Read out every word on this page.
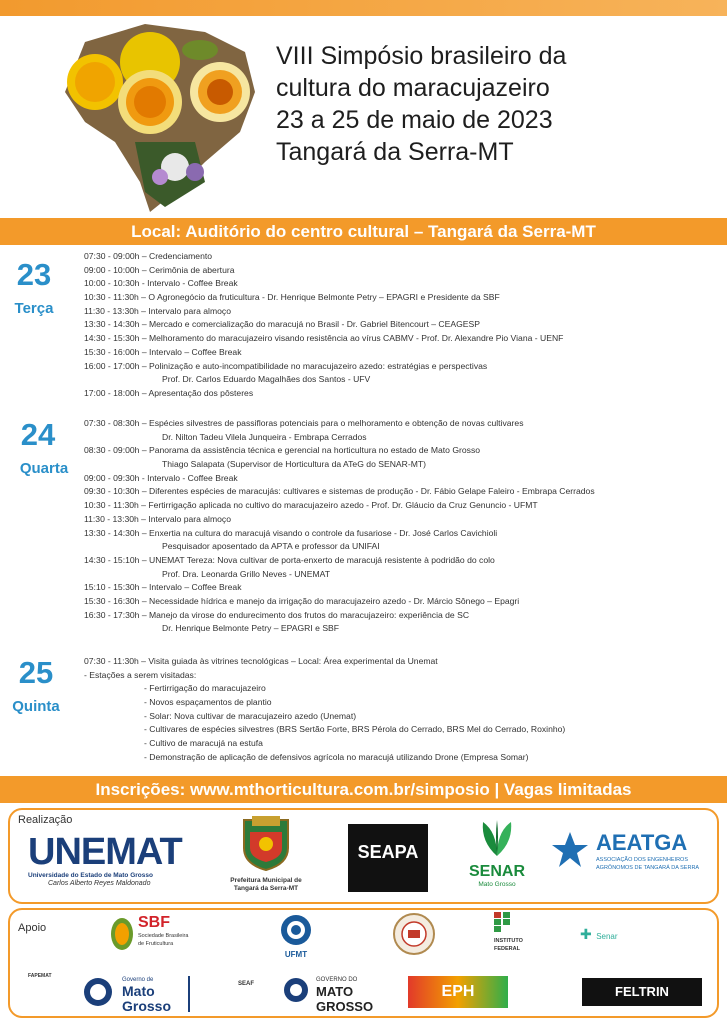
VIII Simpósio brasileiro da
cultura do maracujazeiro
23 a 25 de maio de 2023
Tangará da Serra-MT
Local: Auditório do centro cultural – Tangará da Serra-MT
23
Terça
07:30 - 09:00h – Credenciamento
09:00 - 10:00h – Cerimônia de abertura
10:00 - 10:30h - Intervalo - Coffee Break
10:30 - 11:30h – O Agronegócio da fruticultura - Dr. Henrique Belmonte Petry – EPAGRI e Presidente da SBF
11:30 - 13:30h – Intervalo para almoço
13:30 - 14:30h – Mercado e comercialização do maracujá no Brasil - Dr. Gabriel Bitencourt – CEAGESP
14:30 - 15:30h – Melhoramento do maracujazeiro visando resistência ao vírus CABMV - Prof. Dr. Alexandre Pio Viana - UENF
15:30 - 16:00h – Intervalo – Coffee Break
16:00 - 17:00h – Polinização e auto-incompatibilidade no maracujazeiro azedo: estratégias e perspectivas
Prof. Dr. Carlos Eduardo Magalhães dos Santos - UFV
17:00 - 18:00h – Apresentação dos pôsteres
24
Quarta
07:30 - 08:30h – Espécies silvestres de passifloras potenciais para o melhoramento e obtenção de novas cultivares
Dr. Nilton Tadeu Vilela Junqueira - Embrapa Cerrados
08:30 - 09:00h – Panorama da assistência técnica e gerencial na horticultura no estado de Mato Grosso
Thiago Salapata (Supervisor de Horticultura da ATeG do SENAR-MT)
09:00 - 09:30h - Intervalo - Coffee Break
09:30 - 10:30h – Diferentes espécies de maracujás: cultivares e sistemas de produção - Dr. Fábio Gelape Faleiro - Embrapa Cerrados
10:30 - 11:30h – Fertirrigação aplicada no cultivo do maracujazeiro azedo - Prof. Dr. Gláucio da Cruz Genuncio - UFMT
11:30 - 13:30h – Intervalo para almoço
13:30 - 14:30h – Enxertia na cultura do maracujá visando o controle da fusariose - Dr. José Carlos Cavichioli
Pesquisador aposentado da APTA e professor da UNIFAI
14:30 - 15:10h – UNEMAT Tereza: Nova cultivar de porta-enxerto de maracujá resistente à podridão do colo
Prof. Dra. Leonarda Grillo Neves - UNEMAT
15:10 - 15:30h – Intervalo – Coffee Break
15:30 - 16:30h – Necessidade hídrica e manejo da irrigação do maracujazeiro azedo - Dr. Márcio Sônego – Epagri
16:30 - 17:30h – Manejo da virose do endurecimento dos frutos do maracujazeiro: experiência de SC
Dr. Henrique Belmonte Petry – EPAGRI e SBF
25
Quinta
07:30 - 11:30h – Visita guiada às vitrines tecnológicas – Local: Área experimental da Unemat
- Estações a serem visitadas:
- Fertirrigação do maracujazeiro
- Novos espaçamentos de plantio
- Solar: Nova cultivar de maracujazeiro azedo (Unemat)
- Cultivares de espécies silvestres (BRS Sertão Forte, BRS Pérola do Cerrado, BRS Mel do Cerrado, Roxinho)
- Cultivo de maracujá na estufa
- Demonstração de aplicação de defensivos agrícola no maracujá utilizando Drone (Empresa Somar)
Inscrições: www.mthorticultura.com.br/simposio | Vagas limitadas
Realização
UNEMAT
Universidade do Estado de Mato Grosso
Carlos Alberto Reyes Maldonado	Prefeitura Municipal de
Tangará da Serra-MT
SEAPA
SENAR
Mato Grosso
AEATGA
ASSOCIAÇÃO DOS ENGENHEIROS
AGRÔNOMOS DE TANGARÁ DA SERRA
Apoio	SBF
Sociedade Brasileira
de Fruticultura
UFMT
INSTITUTO
FEDERAL
✚ Senar
FAPEMAT
Governo de
Mato
Grosso
SEAF
GOVERNO DO
MATO
GROSSO
EPH	FELTRIN
